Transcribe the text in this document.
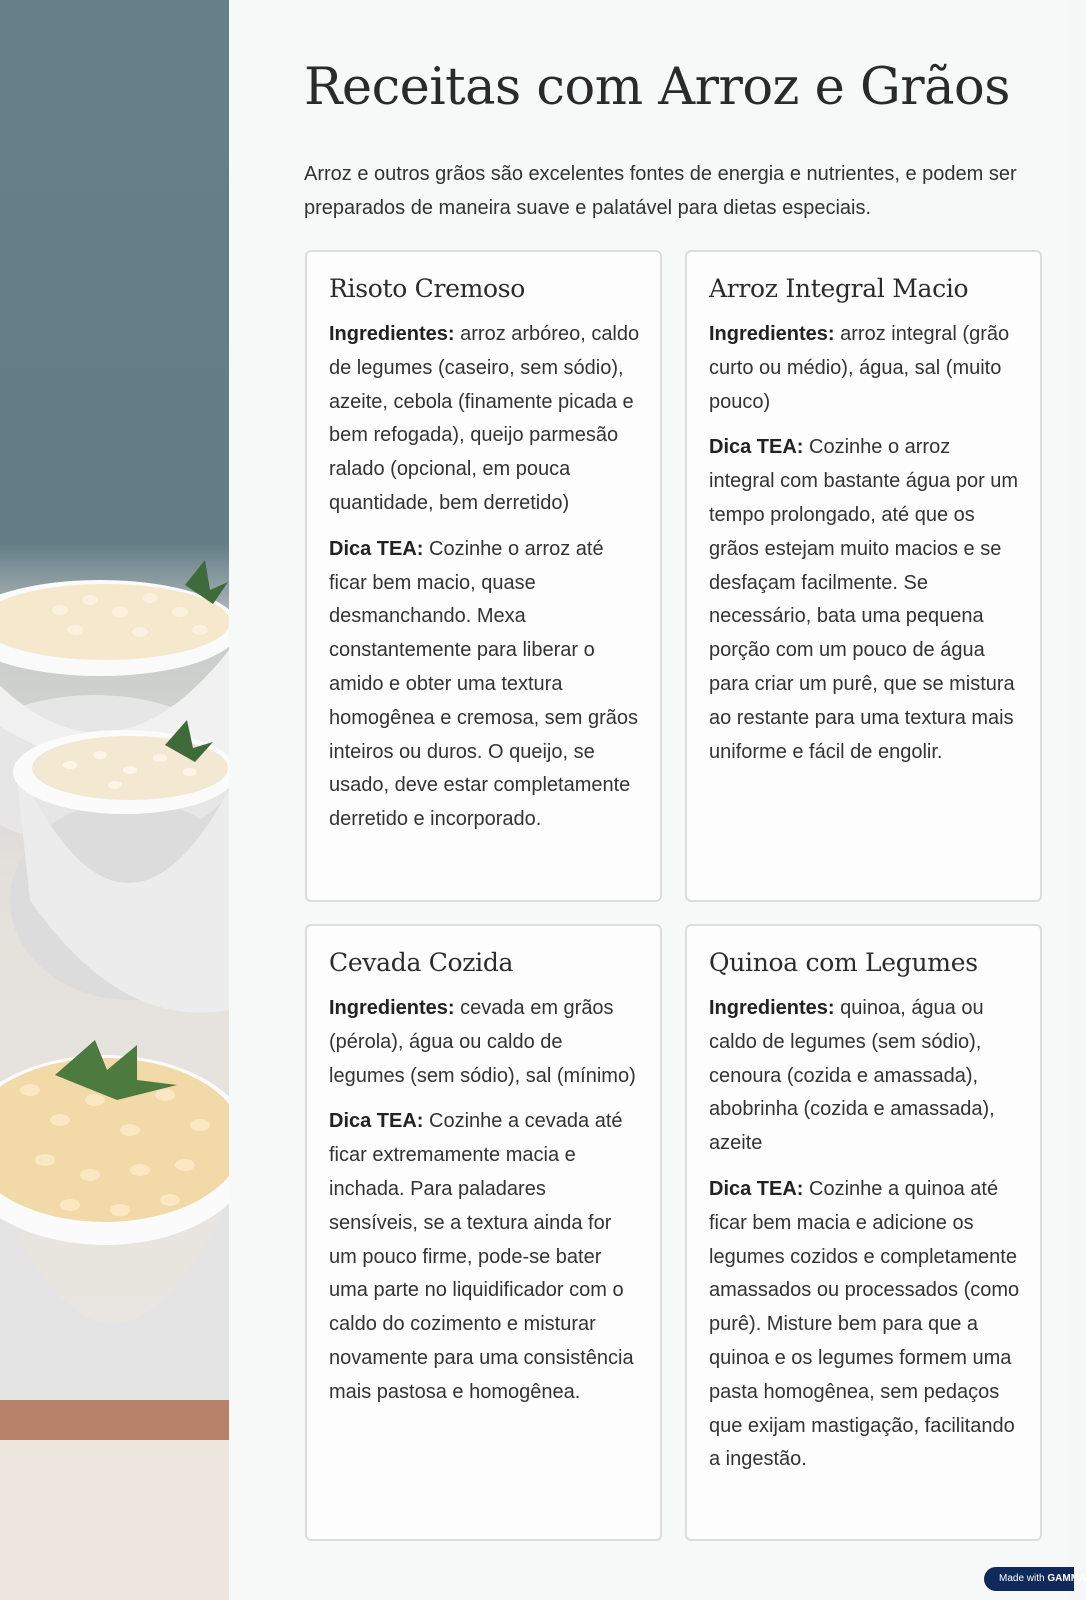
Receitas com Arroz e Grãos

Arroz e outros grãos são excelentes fontes de energia e nutrientes, e podem ser preparados de maneira suave e palatável para dietas especiais.

Risoto Cremoso

Ingredientes: arroz arbóreo, caldo de legumes (caseiro, sem sódio), azeite, cebola (finamente picada e bem refogada), queijo parmesão ralado (opcional, em pouca quantidade, bem derretido)

Dica TEA: Cozinhe o arroz até ficar bem macio, quase desmanchando. Mexa constantemente para liberar o amido e obter uma textura homogênea e cremosa, sem grãos inteiros ou duros. O queijo, se usado, deve estar completamente derretido e incorporado.

Arroz Integral Macio

Ingredientes: arroz integral (grão curto ou médio), água, sal (muito pouco)

Dica TEA: Cozinhe o arroz integral com bastante água por um tempo prolongado, até que os grãos estejam muito macios e se desfaçam facilmente. Se necessário, bata uma pequena porção com um pouco de água para criar um purê, que se mistura ao restante para uma textura mais uniforme e fácil de engolir.

Cevada Cozida

Ingredientes: cevada em grãos (pérola), água ou caldo de legumes (sem sódio), sal (mínimo)

Dica TEA: Cozinhe a cevada até ficar extremamente macia e inchada. Para paladares sensíveis, se a textura ainda for um pouco firme, pode-se bater uma parte no liquidificador com o caldo do cozimento e misturar novamente para uma consistência mais pastosa e homogênea.

Quinoa com Legumes

Ingredientes: quinoa, água ou caldo de legumes (sem sódio), cenoura (cozida e amassada), abobrinha (cozida e amassada), azeite

Dica TEA: Cozinhe a quinoa até ficar bem macia e adicione os legumes cozidos e completamente amassados ou processados (como purê). Misture bem para que a quinoa e os legumes formem uma pasta homogênea, sem pedaços que exijam mastigação, facilitando a ingestão.

Made with GAMMA
